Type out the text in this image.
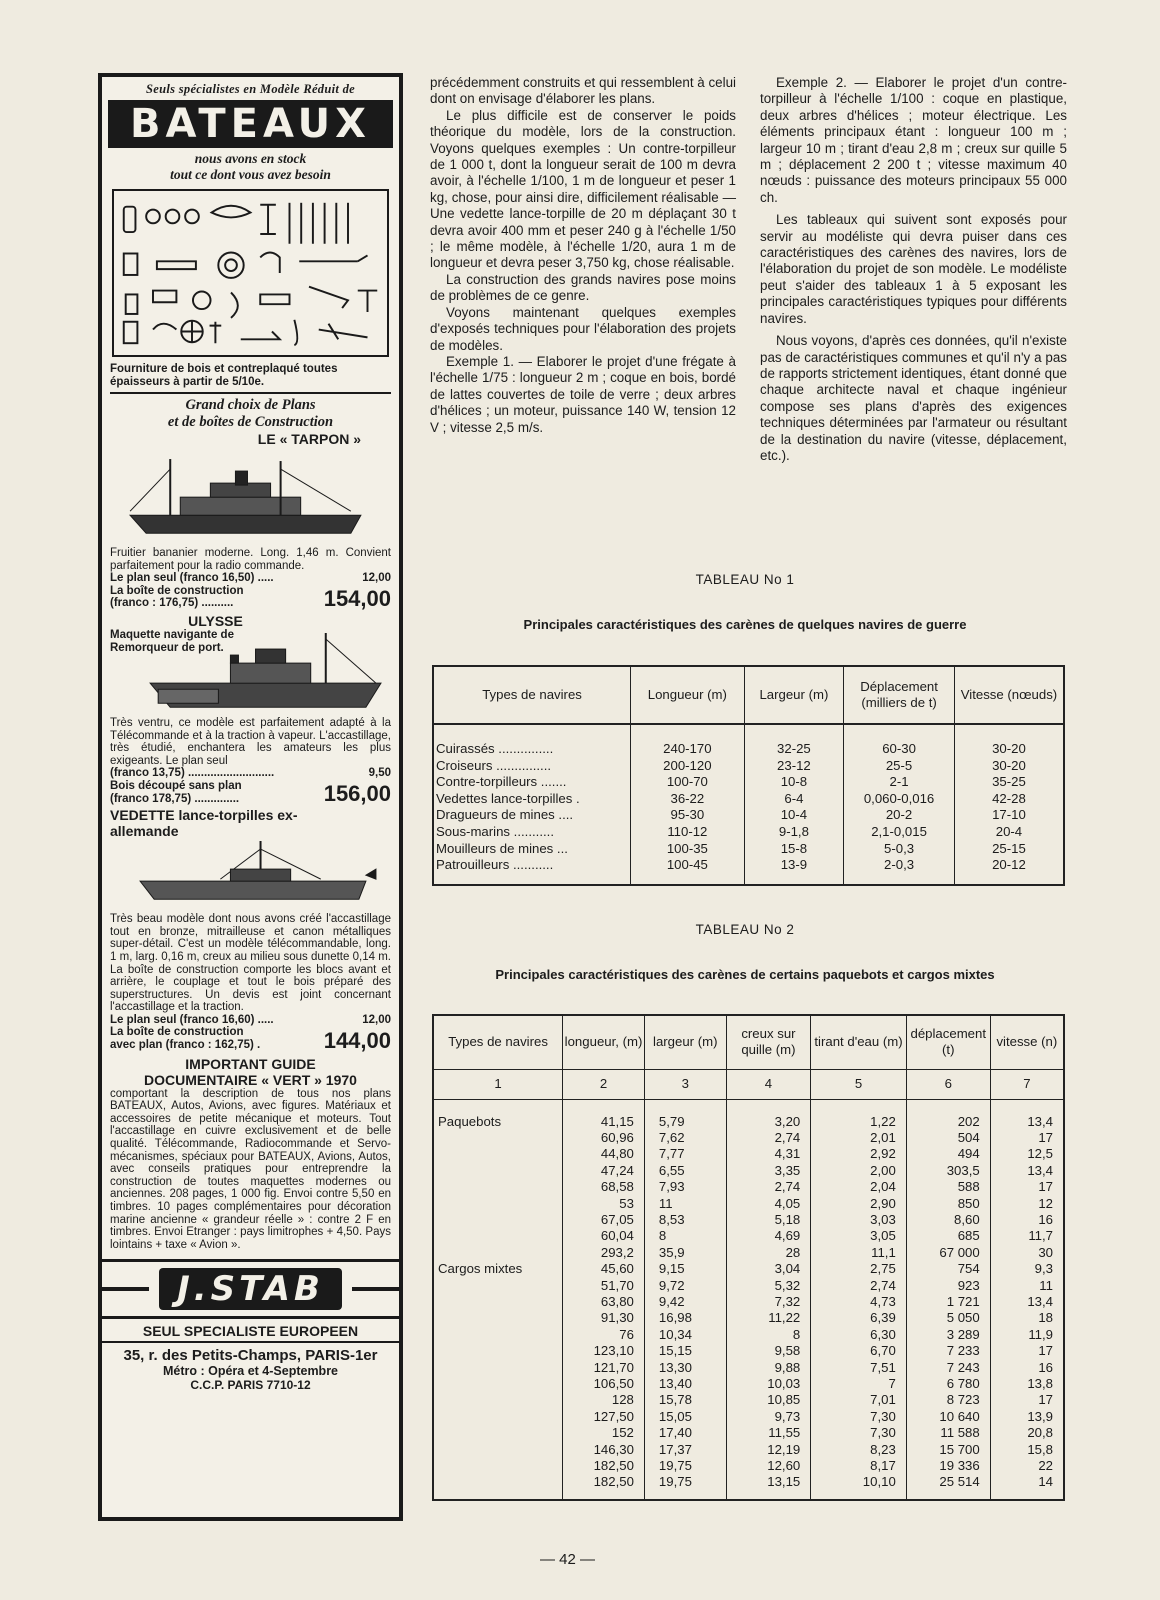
Seuls spécialistes en Modèle Réduit de
BATEAUX
nous avons en stock
tout ce dont vous avez besoin
Fourniture de bois et contreplaqué toutes épaisseurs à partir de 5/10e.
Grand choix de Plans
et de boîtes de Construction
LE « TARPON »
Fruitier bananier moderne. Long. 1,46 m. Convient parfaitement pour la radio commande.
Le plan seul (franco 16,50) .....	12,00
La boîte de construction
(franco : 176,75) ..........	154,00
ULYSSE
Maquette navigante de Remorqueur de port.
Très ventru, ce modèle est parfaitement adapté à la Télécommande et à la traction à vapeur. L'accastillage, très étudié, enchantera les amateurs les plus exigeants. Le plan seul
(franco 13,75) ...........................	9,50
Bois découpé sans plan
(franco 178,75) ..............	156,00
VEDETTE lance-torpilles ex-allemande
Très beau modèle dont nous avons créé l'accastillage tout en bronze, mitrailleuse et canon métalliques super-détail. C'est un modèle télécommandable, long. 1 m, larg. 0,16 m, creux au milieu sous dunette 0,14 m. La boîte de construction comporte les blocs avant et arrière, le couplage et tout le bois préparé des superstructures. Un devis est joint concernant l'accastillage et la traction.
Le plan seul (franco 16,60) .....	12,00
La boîte de construction
avec plan (franco : 162,75) .	144,00
IMPORTANT GUIDE
DOCUMENTAIRE « VERT » 1970
comportant la description de tous nos plans BATEAUX, Autos, Avions, avec figures. Matériaux et accessoires de petite mécanique et moteurs. Tout l'accastillage en cuivre exclusivement et de belle qualité. Télécommande, Radiocommande et Servo-mécanismes, spéciaux pour BATEAUX, Avions, Autos, avec conseils pratiques pour entreprendre la construction de toutes maquettes modernes ou anciennes. 208 pages, 1 000 fig. Envoi contre 5,50 en timbres. 10 pages complémentaires pour décoration marine ancienne « grandeur réelle » : contre 2 F en timbres. Envoi Etranger : pays limitrophes + 4,50. Pays lointains + taxe « Avion ».
J.STAB
SEUL SPECIALISTE EUROPEEN
35, r. des Petits-Champs, PARIS-1er
Métro : Opéra et 4-Septembre
C.C.P. PARIS 7710-12

précédemment construits et qui ressemblent à celui dont on envisage d'élaborer les plans.

Le plus difficile est de conserver le poids théorique du modèle, lors de la construction. Voyons quelques exemples : Un contre-torpilleur de 1 000 t, dont la longueur serait de 100 m devra avoir, à l'échelle 1/100, 1 m de longueur et peser 1 kg, chose, pour ainsi dire, difficilement réalisable — Une vedette lance-torpille de 20 m déplaçant 30 t devra avoir 400 mm et peser 240 g à l'échelle 1/50 ; le même modèle, à l'échelle 1/20, aura 1 m de longueur et devra peser 3,750 kg, chose réalisable.

La construction des grands navires pose moins de problèmes de ce genre.

Voyons maintenant quelques exemples d'exposés techniques pour l'élaboration des projets de modèles.

Exemple 1. — Elaborer le projet d'une frégate à l'échelle 1/75 : longueur 2 m ; coque en bois, bordé de lattes couvertes de toile de verre ; deux arbres d'hélices ; un moteur, puissance 140 W, tension 12 V ; vitesse 2,5 m/s.

Exemple 2. — Elaborer le projet d'un contre-torpilleur à l'échelle 1/100 : coque en plastique, deux arbres d'hélices ; moteur électrique. Les éléments principaux étant : longueur 100 m ; largeur 10 m ; tirant d'eau 2,8 m ; creux sur quille 5 m ; déplacement 2 200 t ; vitesse maximum 40 nœuds : puissance des moteurs principaux 55 000 ch.

Les tableaux qui suivent sont exposés pour servir au modéliste qui devra puiser dans ces caractéristiques des carènes des navires, lors de l'élaboration du projet de son modèle. Le modéliste peut s'aider des tableaux 1 à 5 exposant les principales caractéristiques typiques pour différents navires.

Nous voyons, d'après ces données, qu'il n'existe pas de caractéristiques communes et qu'il n'y a pas de rapports strictement identiques, étant donné que chaque architecte naval et chaque ingénieur compose ses plans d'après des exigences techniques déterminées par l'armateur ou résultant de la destination du navire (vitesse, déplacement, etc.).

TABLEAU No 1
Principales caractéristiques des carènes de quelques navires de guerre
Types de navires	Longueur (m)	Largeur (m)	Déplacement (milliers de t)	Vitesse (nœuds)
Cuirassés ...............	240-170	32-25	60-30	30-20
Croiseurs ...............	200-120	23-12	25-5	30-20
Contre-torpilleurs .......	100-70	10-8	2-1	35-25
Vedettes lance-torpilles .	36-22	6-4	0,060-0,016	42-28
Dragueurs de mines ....	95-30	10-4	20-2	17-10
Sous-marins ...........	110-12	9-1,8	2,1-0,015	20-4
Mouilleurs de mines ...	100-35	15-8	5-0,3	25-15
Patrouilleurs ...........	100-45	13-9	2-0,3	20-12
TABLEAU No 2
Principales caractéristiques des carènes de certains paquebots et cargos mixtes
Types de navires	longueur, (m)	largeur (m)	creux sur quille (m)	tirant d'eau (m)	déplacement (t)	vitesse (n)
1	2	3	4	5	6	7
Paquebots	41,15	5,79	3,20	1,22	202	13,4
	60,96	7,62	2,74	2,01	504	17
	44,80	7,77	4,31	2,92	494	12,5
	47,24	6,55	3,35	2,00	303,5	13,4
	68,58	7,93	2,74	2,04	588	17
	53	11	4,05	2,90	850	12
	67,05	8,53	5,18	3,03	8,60	16
	60,04	8	4,69	3,05	685	11,7
	293,2	35,9	28	11,1	67 000	30
Cargos mixtes	45,60	9,15	3,04	2,75	754	9,3
	51,70	9,72	5,32	2,74	923	11
	63,80	9,42	7,32	4,73	1 721	13,4
	91,30	16,98	11,22	6,39	5 050	18
	76	10,34	8	6,30	3 289	11,9
	123,10	15,15	9,58	6,70	7 233	17
	121,70	13,30	9,88	7,51	7 243	16
	106,50	13,40	10,03	7	6 780	13,8
	128	15,78	10,85	7,01	8 723	17
	127,50	15,05	9,73	7,30	10 640	13,9
	152	17,40	11,55	7,30	11 588	20,8
	146,30	17,37	12,19	8,23	15 700	15,8
	182,50	19,75	12,60	8,17	19 336	22
	182,50	19,75	13,15	10,10	25 514	14
— 42 —
